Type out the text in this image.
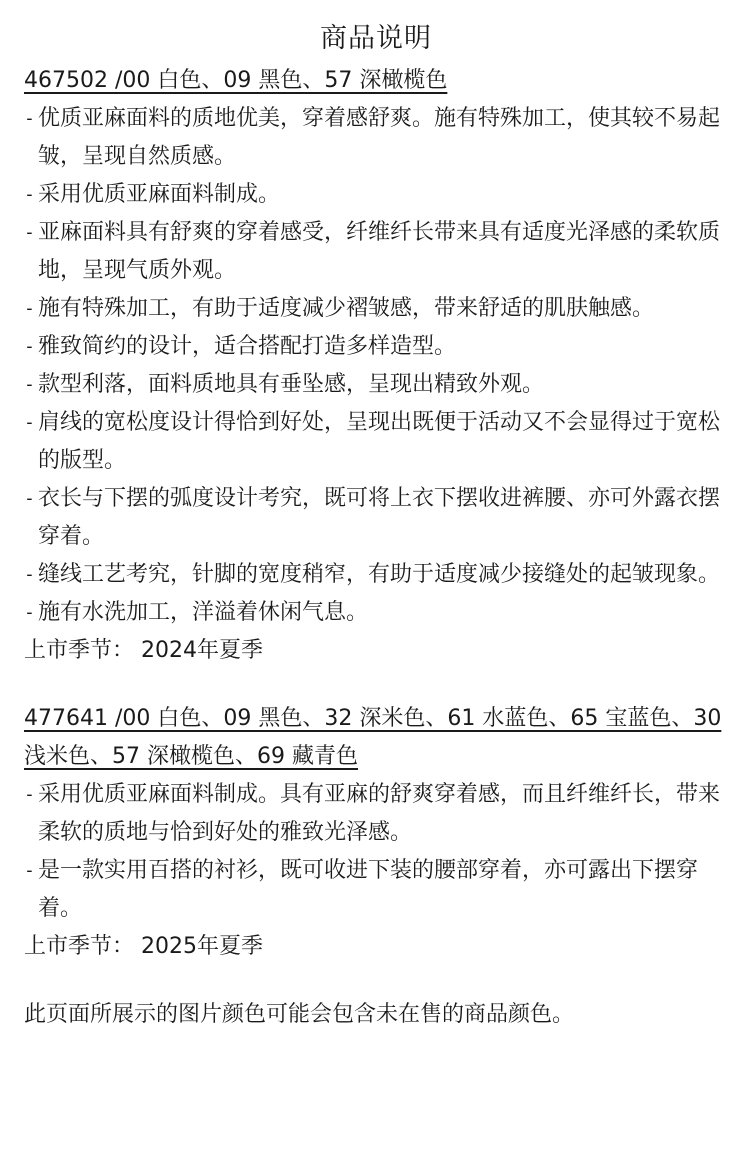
商品说明
467502 /00 白色、09 黑色、57 深橄榄色
- 优质亚麻面料的质地优美，穿着感舒爽。施有特殊加工，使其较不易起皱，呈现自然质感。
- 采用优质亚麻面料制成。
- 亚麻面料具有舒爽的穿着感受，纤维纤长带来具有适度光泽感的柔软质地，呈现气质外观。
- 施有特殊加工，有助于适度减少褶皱感，带来舒适的肌肤触感。
- 雅致简约的设计，适合搭配打造多样造型。
- 款型利落，面料质地具有垂坠感，呈现出精致外观。
- 肩线的宽松度设计得恰到好处，呈现出既便于活动又不会显得过于宽松的版型。
- 衣长与下摆的弧度设计考究，既可将上衣下摆收进裤腰、亦可外露衣摆穿着。
- 缝线工艺考究，针脚的宽度稍窄，有助于适度减少接缝处的起皱现象。
- 施有水洗加工，洋溢着休闲气息。

上市季节： 2024年夏季

477641 /00 白色、09 黑色、32 深米色、61 水蓝色、65 宝蓝色、30 浅米色、57 深橄榄色、69 藏青色
- 采用优质亚麻面料制成。具有亚麻的舒爽穿着感，而且纤维纤长，带来柔软的质地与恰到好处的雅致光泽感。
- 是一款实用百搭的衬衫，既可收进下装的腰部穿着，亦可露出下摆穿着。

上市季节： 2025年夏季

此页面所展示的图片颜色可能会包含未在售的商品颜色。
